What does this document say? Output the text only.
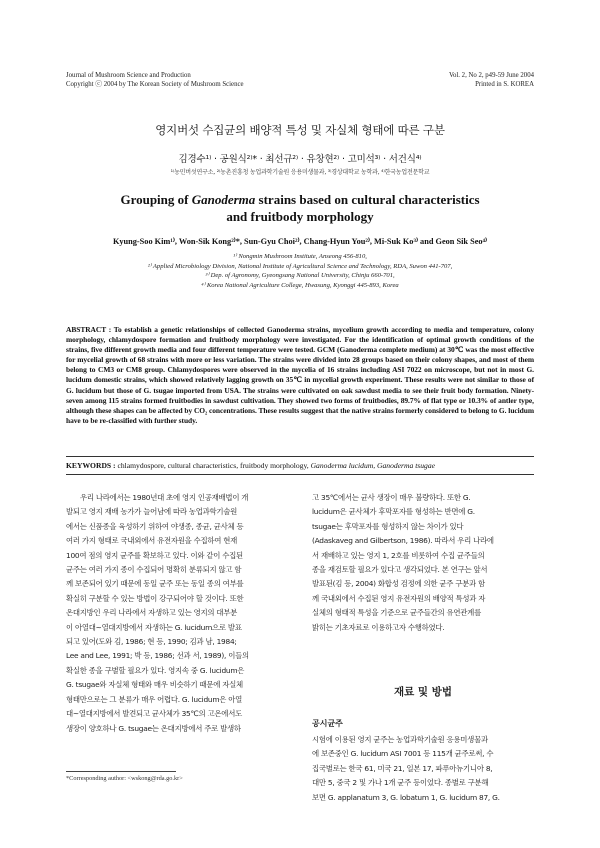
Journal of Mushroom Science and Production
Copyright ⓒ 2004 by The Korean Society of Mushroom Science
Vol. 2, No 2, p49-59 June 2004
Printed in S. KOREA
영지버섯 수집균의 배양적 특성 및 자실체 형태에 따른 구분
김경수¹⁾ · 공원식²⁾* · 최선규²⁾ · 유창현²⁾ · 고미석³⁾ · 서건식⁴⁾
¹⁾농민버섯연구소, ²⁾농촌진흥청 농업과학기술원 응용미생물과, ³⁾경상대학교 농학과, ⁴⁾한국농업전문학교
Grouping of Ganoderma strains based on cultural characteristics
and fruitbody morphology
Kyung-Soo Kim¹⁾, Won-Sik Kong²⁾*, Sun-Gyu Choi²⁾, Chang-Hyun You²⁾, Mi-Suk Ko³⁾ and Geon Sik Seo⁴⁾
¹⁾ Nongmin Mushroom Institute, Anseong 456-810,
²⁾ Applied Microbiology Division, National Institute of Agricultural Science and Technology, RDA, Suwon 441-707,
³⁾ Dep. of Agronomy, Gyeongsang National University, Chinju 660-701,
⁴⁾ Korea National Agriculture College, Hwasung, Kyonggi 445-893, Korea

ABSTRACT : To establish a genetic relationships of collected Ganoderma strains, mycelium growth according to media and temperature, colony morphology, chlamydospore formation and fruitbody morphology were investigated. For the identification of optimal growth conditions of the strains, five different growth media and four different temperature were tested. GCM (Ganoderma complete medium) at 30℃ was the most effective for mycelial growth of 68 strains with more or less variation. The strains were divided into 28 groups based on their colony shapes, and most of them belong to CM3 or CM8 group. Chlamydospores were observed in the mycelia of 16 strains including ASI 7022 on microscope, but not in most G. lucidum domestic strains, which showed relatively lagging growth on 35℃ in mycelial growth experiment. These results were not similar to those of G. lucidum but those of G. tsugae imported from USA. The strains were cultivated on oak sawdust media to see their fruit body formation. Ninety-seven among 115 strains formed fruitbodies in sawdust cultivation. They showed two forms of fruitbodies, 89.7% of flat type or 10.3% of antler type, although these shapes can be affected by CO₂ concentrations. These results suggest that the native strains formerly considered to belong to G. lucidum have to be re-classified with further study.

KEYWORDS : chlamydospore, cultural characteristics, fruitbody morphology, Ganoderma lucidum, Ganoderma tsugae
우리 나라에서는 1980년대 초에 영지 인공재배법이 개
발되고 영지 재배 농가가 늘어남에 따라 농업과학기술원
에서는 신품종을 육성하기 위하여 야생종, 종균, 균사체 등
여러 가지 형태로 국내외에서 유전자원을 수집하여 현재
100여 점의 영지 균주를 확보하고 있다. 이와 같이 수집된
균주는 여러 가지 종이 수집되어 명확히 분류되지 않고 함
께 보존되어 있기 때문에 동일 균주 또는 동일 종의 여부를
확실히 구분할 수 있는 방법이 강구되어야 할 것이다. 또한
온대지방인 우리 나라에서 자생하고 있는 영지의 대부분
이 아열대~열대지방에서 자생하는 G. lucidum으로 발표
되고 있어(도와 김, 1986; 현 등, 1990; 김과 남, 1984;
Lee and Lee, 1991; 박 등, 1986; 선과 서, 1989), 이들의
확실한 종을 구별할 필요가 있다. 영지속 중 G. lucidum은
G. tsugae와 자실체 형태와 매우 비슷하기 때문에 자실체
형태만으로는 그 분류가 매우 어렵다. G. lucidum은 아열
대~열대지방에서 발견되고 균사체가 35℃의 고온에서도
생장이 양호하나 G. tsugae는 온대지방에서 주로 발생하
고 35℃에서는 균사 생장이 매우 불량하다. 또한 G.
lucidum은 균사체가 후막포자를 형성하는 반면에 G.
tsugae는 후막포자를 형성하지 않는 차이가 있다
(Adaskaveg and Gilbertson, 1986). 따라서 우리 나라에
서 재배하고 있는 영지 1, 2호를 비롯하여 수집 균주들의
종을 재검토할 필요가 있다고 생각되었다. 본 연구는 앞서
발표된(김 등, 2004) 화합성 검정에 의한 균주 구분과 함
께 국내외에서 수집된 영지 유전자원의 배양적 특성과 자
실체의 형태적 특성을 기준으로 균주들간의 유연관계를
밝히는 기초자료로 이용하고자 수행하였다.
재료 및 방법
공시균주
시험에 이용된 영지 균주는 농업과학기술원 응용미생물과
에 보존중인 G. lucidum ASI 7001 등 115개 균주로써, 수
집국별로는 한국 61, 미국 21, 일본 17, 파푸아뉴기니아 8,
대만 5, 중국 2 및 가나 1개 균주 등이었다. 종별로 구분해
보면 G. applanatum 3, G. lobatum 1, G. lucidum 87, G.
*Corresponding author: <wskong@rda.go.kr>
